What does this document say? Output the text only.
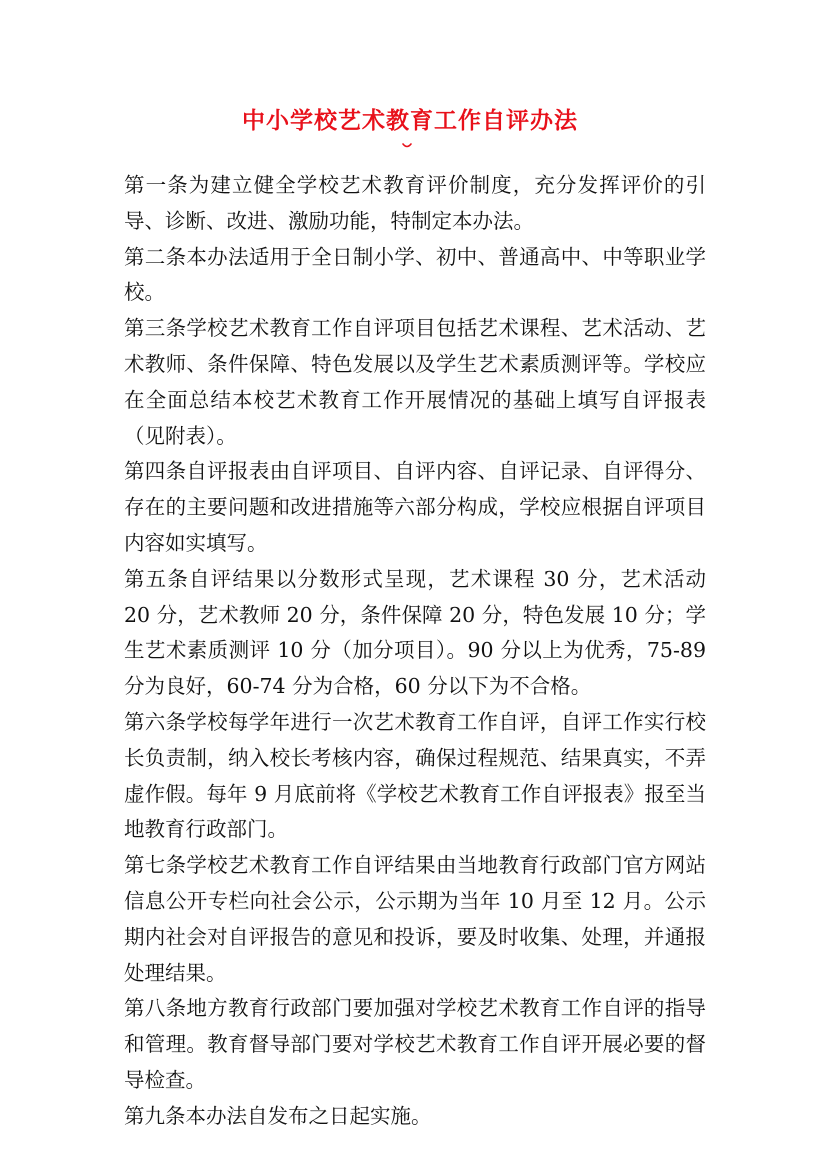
中小学校艺术教育工作自评办法

第一条为建立健全学校艺术教育评价制度，充分发挥评价的引导、诊断、改进、激励功能，特制定本办法。

第二条本办法适用于全日制小学、初中、普通高中、中等职业学校。

第三条学校艺术教育工作自评项目包括艺术课程、艺术活动、艺术教师、条件保障、特色发展以及学生艺术素质测评等。学校应在全面总结本校艺术教育工作开展情况的基础上填写自评报表（见附表）。

第四条自评报表由自评项目、自评内容、自评记录、自评得分、存在的主要问题和改进措施等六部分构成，学校应根据自评项目内容如实填写。

第五条自评结果以分数形式呈现，艺术课程 30 分，艺术活动 20 分，艺术教师 20 分，条件保障 20 分，特色发展 10 分；学生艺术素质测评 10 分（加分项目）。90 分以上为优秀，75-89 分为良好，60-74 分为合格，60 分以下为不合格。

第六条学校每学年进行一次艺术教育工作自评，自评工作实行校长负责制，纳入校长考核内容，确保过程规范、结果真实，不弄虚作假。每年 9 月底前将《学校艺术教育工作自评报表》报至当地教育行政部门。

第七条学校艺术教育工作自评结果由当地教育行政部门官方网站信息公开专栏向社会公示，公示期为当年 10 月至 12 月。公示期内社会对自评报告的意见和投诉，要及时收集、处理，并通报处理结果。

第八条地方教育行政部门要加强对学校艺术教育工作自评的指导和管理。教育督导部门要对学校艺术教育工作自评开展必要的督导检查。

第九条本办法自发布之日起实施。
